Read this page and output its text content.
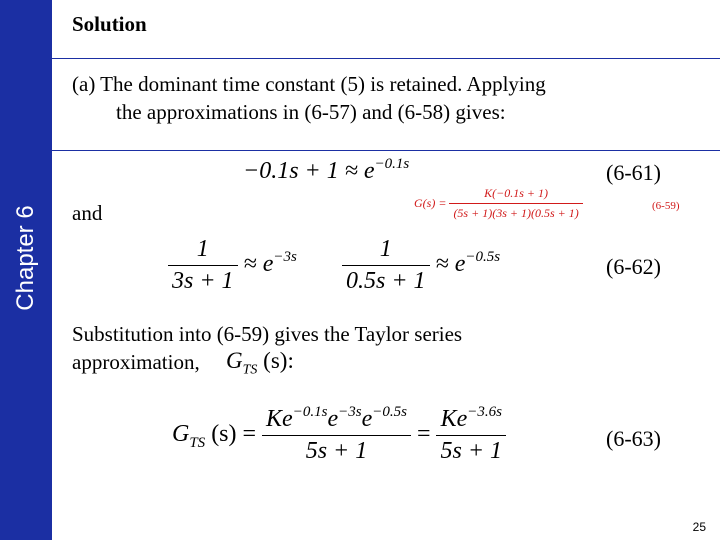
Chapter 6
Solution
(a) The dominant time constant (5) is retained. Applying
the approximations in (6-57) and (6-58) gives:
$-0.1s + 1 \approx e^{-0.1s}$	(6-61)
and	$G(s) = \frac{K(-0.1s + 1)}{(5s + 1)(3s + 1)(0.5s + 1)}$	(6-59)
$\frac{1}{3s + 1} \approx e^{-3s} \frac{1}{0.5s + 1} \approx e^{-0.5s}$	(6-62)
Substitution into (6-59) gives the Taylor series
approximation, $G_{TS}$ (s):
$G_{TS}$ $(s) = \frac{Ke^{-0.1s}e^{-3s}e^{-0.5s}}{5s + 1} = \frac{Ke^{-3.6s}}{5s + 1}$	(6-63)
25
